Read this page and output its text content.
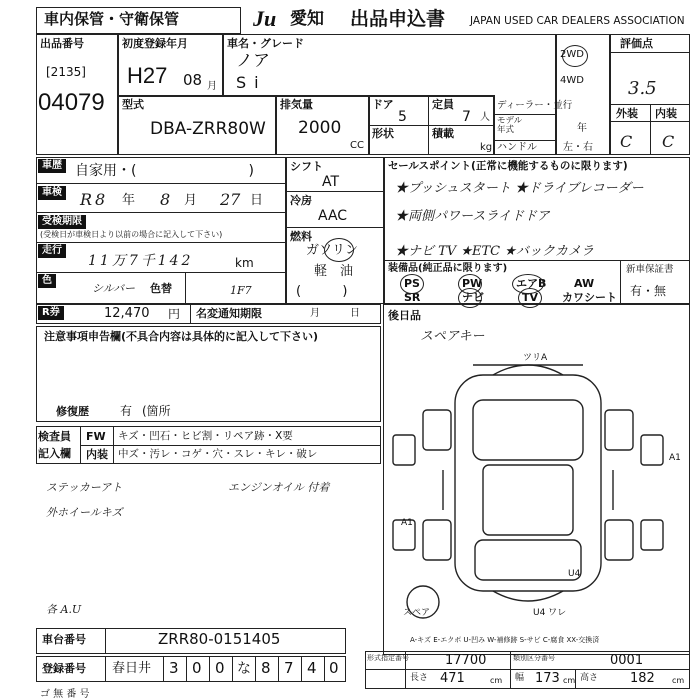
車内保管・守衛保管	Ju 愛知 出品申込書 JAPAN USED CAR DEALERS ASSOCIATION
出品番号
[2135]
04079
初度登録年月
H27 08 月
車名・グレード
ノア
Si
2WD
4WD
評価点
3.5
外装 内装
C C
型式
DBA-ZRR80W
排気量
2000
CC
ドア
5
定員
7 人
形状	積載
kg
ディーラー・並行
モデル
年式	年
ハンドル	左・右
車歴 自家用・(　　　　　　　　)
車検 R 8 年 8 月 27 日
受検期限
(受検日が車検日より以前の場合に記入して下さい)
走行
11万7千142	km
色
シルバー 色替	1F7
シフト
AT
冷房
AAC
燃料
ガソリン
軽　油
(          )
セールスポイント(正常に機能するものに限ります)
★プッシュスタート ★ドライブレコーダー
★両側パワースライドドア
★ナビ TV ★ETC ★バックカメラ
装備品(純正品に限ります)
PS	PW	エアB	AW
SR	ナビ	TV カワシート
新車保証書
有・無
R券	12,470 円 名変通知期限	月	日
注意事項申告欄(不具合内容は具体的に記入して下さい)
修復歴	有 (箇所
後日品
スペアキー
U4
ツリA
A1
A1
U4 ワレ
スペア
A-キズ E-エクボ U-凹み W-補修跡 S-サビ C-腐食 XX-交換済
検査員
記入欄
FW キズ・凹石・ヒビ割・リペア跡・X要
内装 中ズ・汚レ・コゲ・穴・スレ・キレ・破レ
ステッカーアト	エンジンオイル 付着
外ホイールキズ
各 A.U
車台番号	ZRR80-0151405
登録番号 春日井 3 0 0 な 8 7 4 0
形式指定番号	17700	類別区分番号	0001
長さ 471	cm 幅 173 cm 高さ 182 cm
ゴ 無 番 号
